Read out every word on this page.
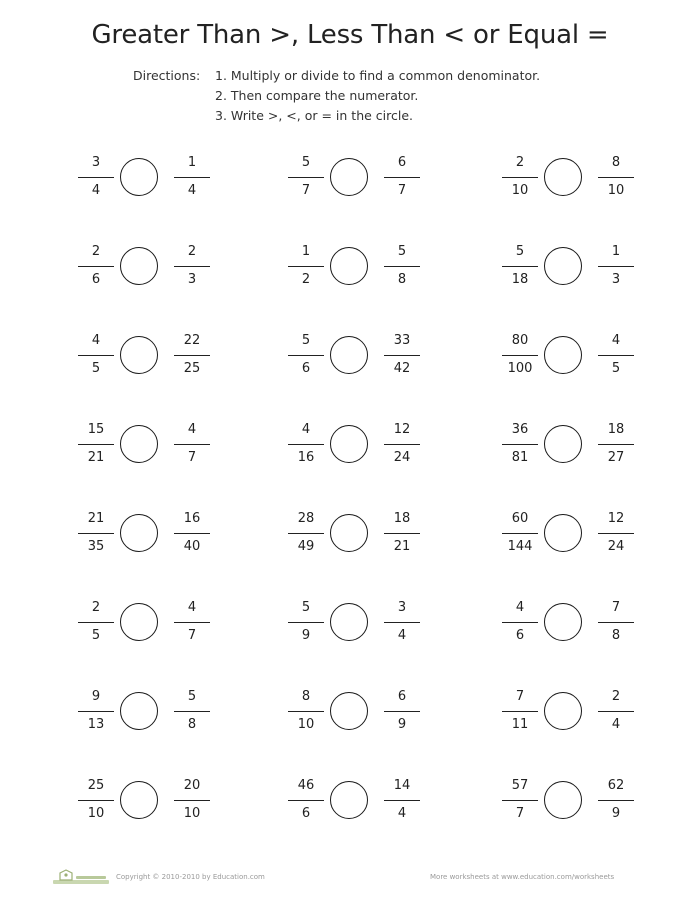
Greater Than >, Less Than < or Equal =
Directions: 1. Multiply or divide to find a common denominator.
2. Then compare the numerator.
3. Write >, <, or = in the circle.
3
4
1
4
5
7
6
7
2
10
8
10
2
6
2
3
1
2
5
8
5
18
1
3
4
5
22
25
5
6
33
42
80
100
4
5
15
21
4
7
4
16
12
24
36
81
18
27
21
35
16
40
28
49
18
21
60
144
12
24
2
5
4
7
5
9
3
4
4
6
7
8
9
13
5
8
8
10
6
9
7
11
2
4
25
10
20
10
46
6
14
4
57
7
62
9
Copyright © 2010-2010 by Education.com	More worksheets at www.education.com/worksheets
